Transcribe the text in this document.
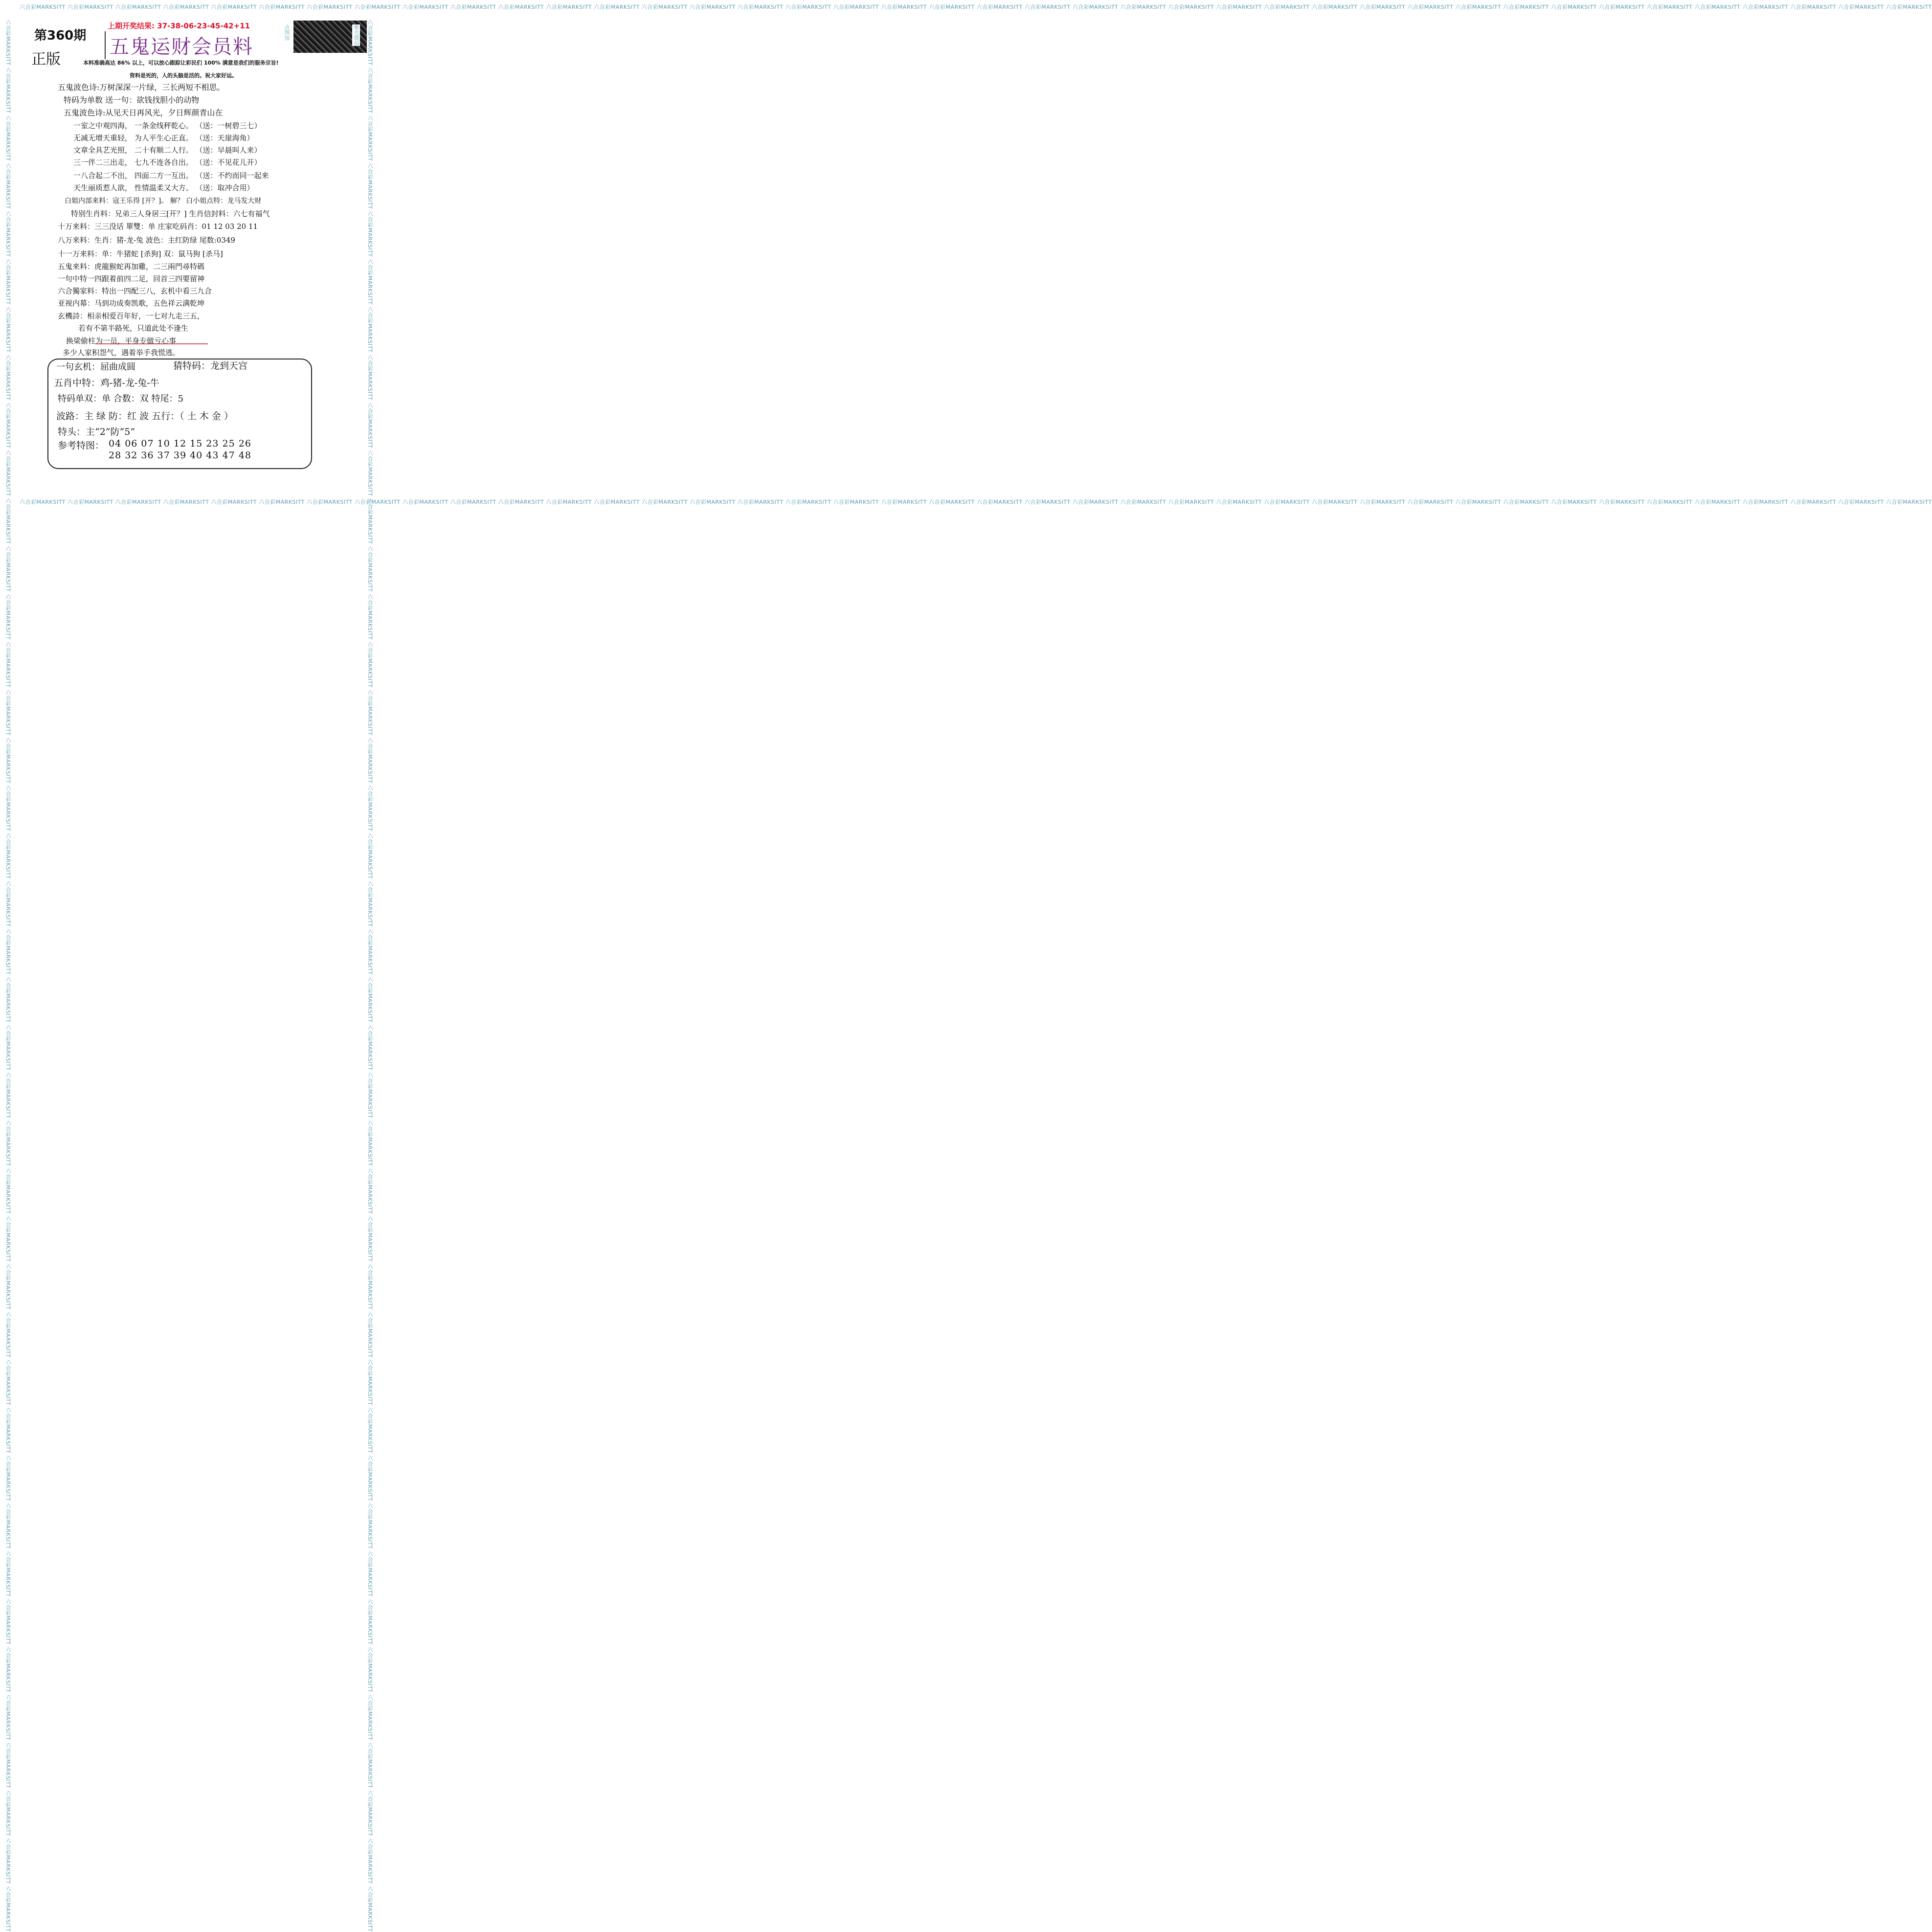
六合彩MARKSITT 六合彩MARKSITT 六合彩MARKSITT 六合彩MARKSITT 六合彩MARKSITT 六合彩MARKSITT 六合彩MARKSITT 六合彩MARKSITT 六合彩MARKSITT 六合彩MARKSITT 六合彩MARKSITT 六合彩MARKSITT 六合彩MARKSITT 六合彩MARKSITT 六合彩MARKSITT 六合彩MARKSITT 六合彩MARKSITT 六合彩MARKSITT 六合彩MARKSITT 六合彩MARKSITT 六合彩MARKSITT 六合彩MARKSITT 六合彩MARKSITT 六合彩MARKSITT 六合彩MARKSITT 六合彩MARKSITT 六合彩MARKSITT 六合彩MARKSITT 六合彩MARKSITT 六合彩MARKSITT 六合彩MARKSITT 六合彩MARKSITT 六合彩MARKSITT 六合彩MARKSITT 六合彩MARKSITT 六合彩MARKSITT 六合彩MARKSITT 六合彩MARKSITT 六合彩MARKSITT 六合彩MARKSITT
六合彩MARKSITT 六合彩MARKSITT 六合彩MARKSITT 六合彩MARKSITT 六合彩MARKSITT 六合彩MARKSITT 六合彩MARKSITT 六合彩MARKSITT 六合彩MARKSITT 六合彩MARKSITT 六合彩MARKSITT 六合彩MARKSITT 六合彩MARKSITT 六合彩MARKSITT 六合彩MARKSITT 六合彩MARKSITT 六合彩MARKSITT 六合彩MARKSITT 六合彩MARKSITT 六合彩MARKSITT 六合彩MARKSITT 六合彩MARKSITT 六合彩MARKSITT 六合彩MARKSITT 六合彩MARKSITT 六合彩MARKSITT 六合彩MARKSITT 六合彩MARKSITT 六合彩MARKSITT 六合彩MARKSITT 六合彩MARKSITT 六合彩MARKSITT 六合彩MARKSITT 六合彩MARKSITT 六合彩MARKSITT 六合彩MARKSITT 六合彩MARKSITT 六合彩MARKSITT 六合彩MARKSITT 六合彩MARKSITT
六合彩MARKSITT 六合彩MARKSITT 六合彩MARKSITT 六合彩MARKSITT 六合彩MARKSITT 六合彩MARKSITT 六合彩MARKSITT 六合彩MARKSITT 六合彩MARKSITT 六合彩MARKSITT 六合彩MARKSITT 六合彩MARKSITT 六合彩MARKSITT 六合彩MARKSITT 六合彩MARKSITT 六合彩MARKSITT 六合彩MARKSITT 六合彩MARKSITT 六合彩MARKSITT 六合彩MARKSITT 六合彩MARKSITT 六合彩MARKSITT 六合彩MARKSITT 六合彩MARKSITT 六合彩MARKSITT 六合彩MARKSITT 六合彩MARKSITT 六合彩MARKSITT 六合彩MARKSITT 六合彩MARKSITT 六合彩MARKSITT 六合彩MARKSITT 六合彩MARKSITT 六合彩MARKSITT 六合彩MARKSITT 六合彩MARKSITT 六合彩MARKSITT 六合彩MARKSITT 六合彩MARKSITT 六合彩MARKSITT	六合彩MARKSITT 六合彩MARKSITT 六合彩MARKSITT 六合彩MARKSITT 六合彩MARKSITT 六合彩MARKSITT 六合彩MARKSITT 六合彩MARKSITT 六合彩MARKSITT 六合彩MARKSITT 六合彩MARKSITT 六合彩MARKSITT 六合彩MARKSITT 六合彩MARKSITT 六合彩MARKSITT 六合彩MARKSITT 六合彩MARKSITT 六合彩MARKSITT 六合彩MARKSITT 六合彩MARKSITT 六合彩MARKSITT 六合彩MARKSITT 六合彩MARKSITT 六合彩MARKSITT 六合彩MARKSITT 六合彩MARKSITT 六合彩MARKSITT 六合彩MARKSITT 六合彩MARKSITT 六合彩MARKSITT 六合彩MARKSITT 六合彩MARKSITT 六合彩MARKSITT 六合彩MARKSITT 六合彩MARKSITT 六合彩MARKSITT 六合彩MARKSITT 六合彩MARKSITT 六合彩MARKSITT 六合彩MARKSITT
第360期
正版
上期开奖结果: 37-38-06-23-45-42+11
五鬼运财会员料
点图加	紫光微信
本料准确高达 86% 以上，可以放心跟踪让彩民们 100% 满意是我们的服务宗旨!
资料是死的，人的头脑是活的。祝大家好运。
五鬼波色诗:万树深深一片绿，三长两短不相思。
特码为单数 送一句：欲钱找胆小的动物
五鬼波色诗:从见天日再风光，夕日辉颜青山在
一室之中观四海， 一条金线秤乾心。 （送：一树碧三七）
无减无增天重轻， 为人平生心正直。 （送：天崖海角）
文章全具艺光照， 二十有顺二人行。 （送：早晨叫人来）
三一伴二三出走， 七九不连各自出。 （送：不见花儿开）
一八合起二不出， 四面二方一互出。 （送：不约而同一起来
天生丽质惹人欲， 性情温柔又大方。 （送：取冲合用）
白姐内部来料：寇王乐得 [开？]。 解？ 白小姐点特：龙马发大财
特别生肖料：兄弟三人身居三[开？] 生肖信封料：六七有福气
十万来料：三三没话 單雙：单 庄家吃码肖：01 12 03 20 11
八万来料：生肖：猪-龙-兔 波色：主红防绿 尾数:0349
十一万来料：单：牛猪蛇 [杀狗] 双：鼠马狗 [杀马]
五鬼来料：虎龍猴蛇再加雞，二三兩門尋特碼
一句中特一四跟着前四二足，回首三四要留神
六合獨家料：特出一四配三八，玄机中看三九合
亚视内幕：马到功成奏凯歌，五色祥云满乾坤
玄機詩：相亲相爱百年好，一七对九走三五，
若有不第半路死，只道此处不逢生
换梁偷柱为一员，平身专做亏心事
多少人家积怨气，遇着举手我慌逃。
一句玄机：屈曲成圆	猜特码：龙到天宫
五肖中特：鸡-猪-龙-兔-牛
特码单双：单 合数：双 特尾：5
波路：主 绿 防：红 波 五行：（ 土 木 金 ）
特头：主“2”防“5”
参考特图： 04 06 07 10 12 15 23 25 26
28 32 36 37 39 40 43 47 48
